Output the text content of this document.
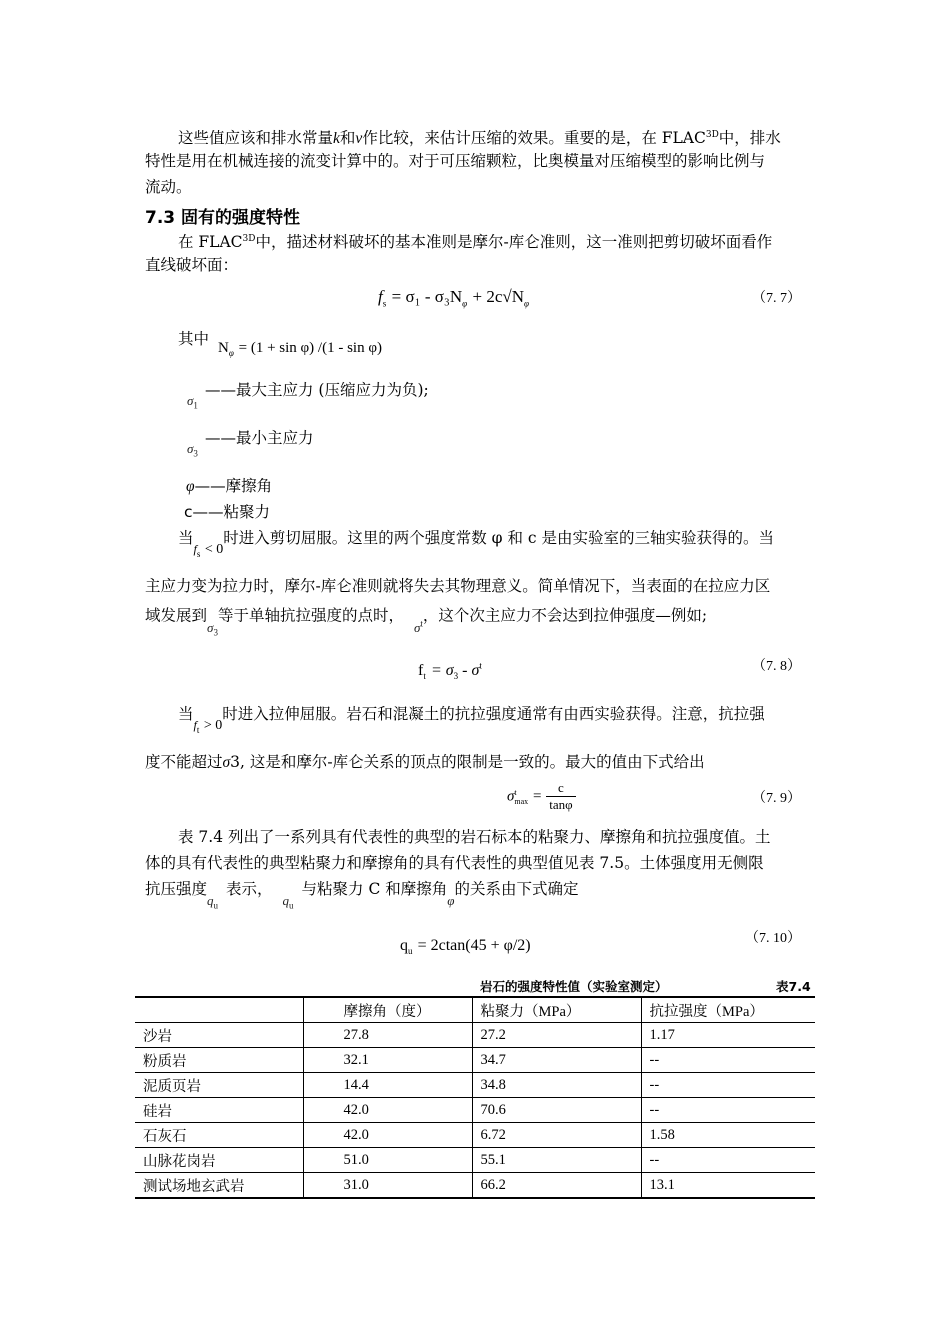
这些值应该和排水常量k和ν作比较，来估计压缩的效果。重要的是，在 $FLAC^{3D}$中，排水
特性是用在机械连接的流变计算中的。对于可压缩颗粒，比奥模量对压缩模型的影响比例与
流动。
7.3 固有的强度特性
在 $FLAC^{3D}$中，描述材料破坏的基本准则是摩尔-库仑准则，这一准则把剪切破坏面看作
直线破坏面：
$f_s = \sigma_1 - \sigma_3N_\varphi + 2c√N_\varphi$	（7. 7）
其中 $N_\varphi = (1 + \sin \varphi)$ /(1 - sin φ)
——最大主应力 (压缩应力为负);
$\sigma_1$
——最小主应力
$\sigma_3$
φ——摩擦角
c——粘聚力
当$f_s < 0$时进入剪切屈服。这里的两个强度常数 φ 和 c 是由实验室的三轴实验获得的。当
主应力变为拉力时，摩尔-库仑准则就将失去其物理意义。简单情况下，当表面的在拉应力区
域发展到$_{\sigma_3}$等于单轴抗拉强度的点时，$_{\sigma^t}$，这个次主应力不会达到拉伸强度—例如;
$f_t = \sigma_3 - \sigma^t$	（7. 8）
当$f_t > 0$时进入拉伸屈服。岩石和混凝土的抗拉强度通常有由西实验获得。注意，抗拉强
度不能超过σ3, 这是和摩尔-库仑关系的顶点的限制是一致的。最大的值由下式给出
σ t
$\max = \frac{c}{\tan\varphi}$	（7. 9）
表 7.4 列出了一系列具有代表性的典型的岩石标本的粘聚力、摩擦角和抗拉强度值。土
体的具有代表性的典型粘聚力和摩擦角的具有代表性的典型值见表 7.5。土体强度用无侧限
抗压强度$_{q_u}$表示，$_{q_u}$与粘聚力 C 和摩擦角$_\varphi$的关系由下式确定
$q_u = 2ctan(45 + \varphi/2)$	（7. 10）
岩石的强度特性值（实验室测定）	表7.4
	摩擦角（度）	粘聚力（MPa）	抗拉强度（MPa）
沙岩	27.8	27.2	1.17
粉质岩	32.1	34.7	--
泥质页岩	14.4	34.8	--
硅岩	42.0	70.6	--
石灰石	42.0	6.72	1.58
山脉花岗岩	51.0	55.1	--
测试场地玄武岩	31.0	66.2	13.1
